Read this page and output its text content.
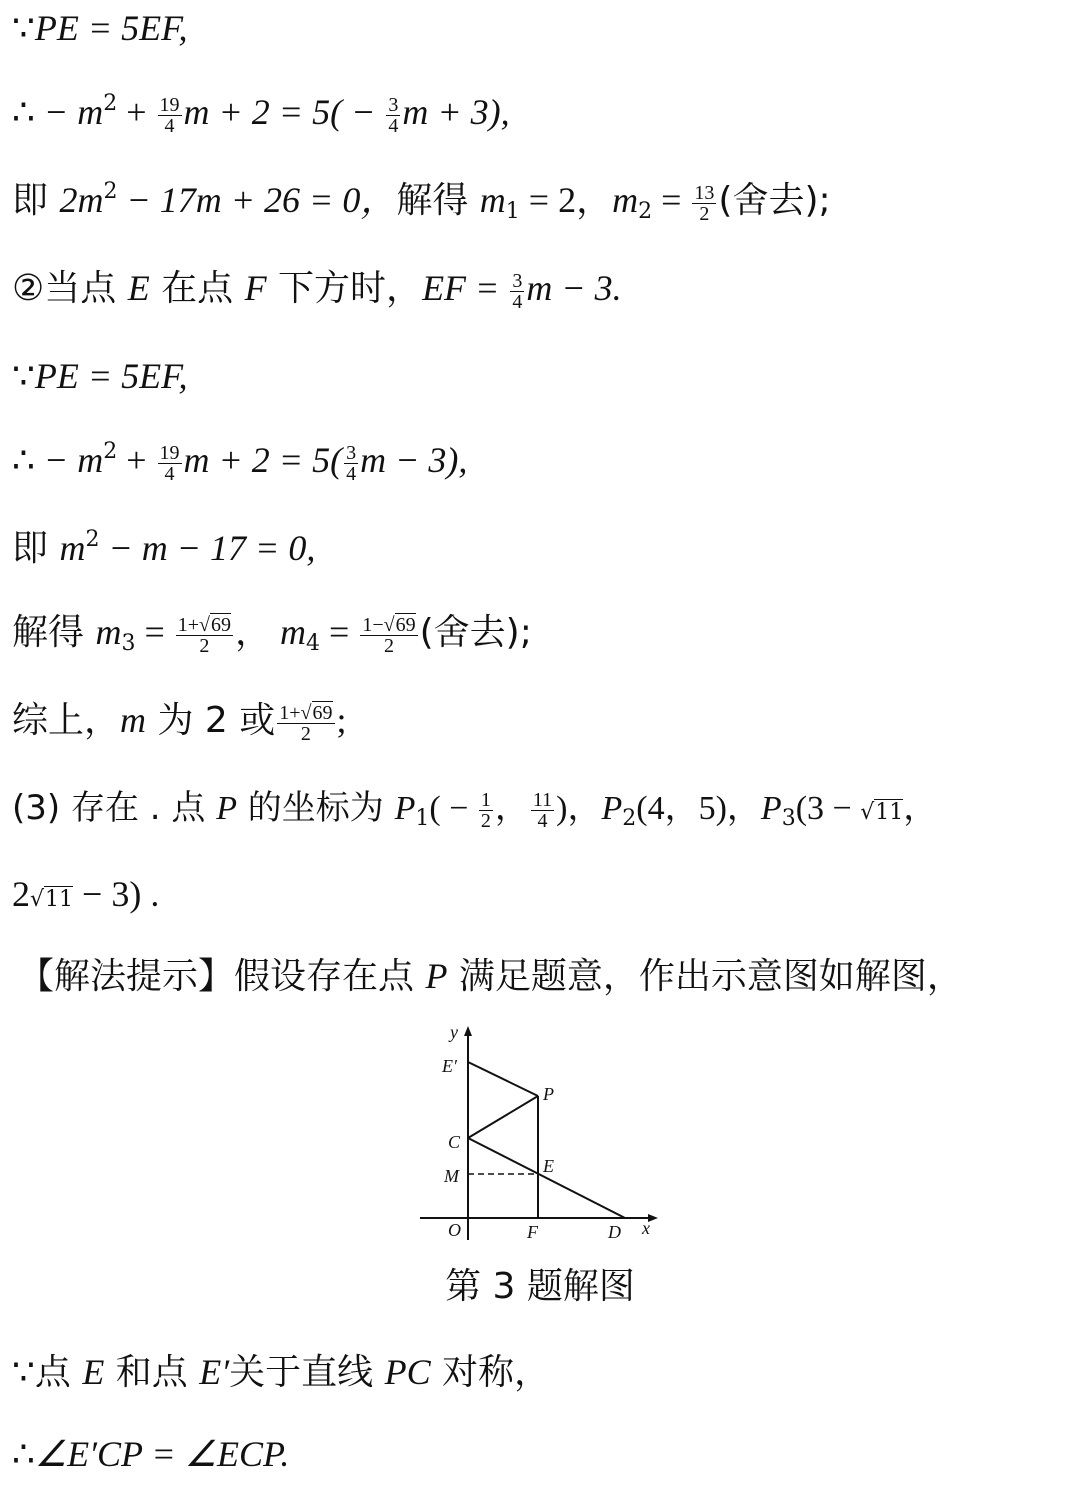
∵PE = 5EF,
∴ − $m^2 + \frac{19}{4}$ $m + 2 = 5( - \frac{3}{4}$ m + 3),
即 $2m^2 - 17m + 26 = 0$，解得 $m_1 = 2$，$m_2 = \frac{13}{2}$ (舍去);
②当点 E 在点 F 下方时，EF = $\frac{3}{4}$ m − 3.
∵PE = 5EF,
∴ − $m^2 + \frac{19}{4}$ $m + 2 = 5( \frac{3}{4}$ m − 3),
即 $m^2 - m - 17 = 0$,
解得 $m_3 = \frac{1+√69}{2}$ ， $m_4 = \frac{1-√69}{2}$ (舍去);
综上，m 为 2 或 $\frac{1+√69}{2}$ ;
(3) 存在 . 点 P 的坐标为 $P_1( - \frac{1}{2}$ ， $\frac{11}{4}$ )，$P_2(4$，5)，$P_3(3 - √11$，
2√11 − 3) .
【解法提示】假设存在点 P 满足题意，作出示意图如解图，
y
E′
P
C
M	E
O	F	D x
第 3 题解图
∵点 E 和点 E′关于直线 PC 对称，
∴∠E′CP = ∠ECP.
